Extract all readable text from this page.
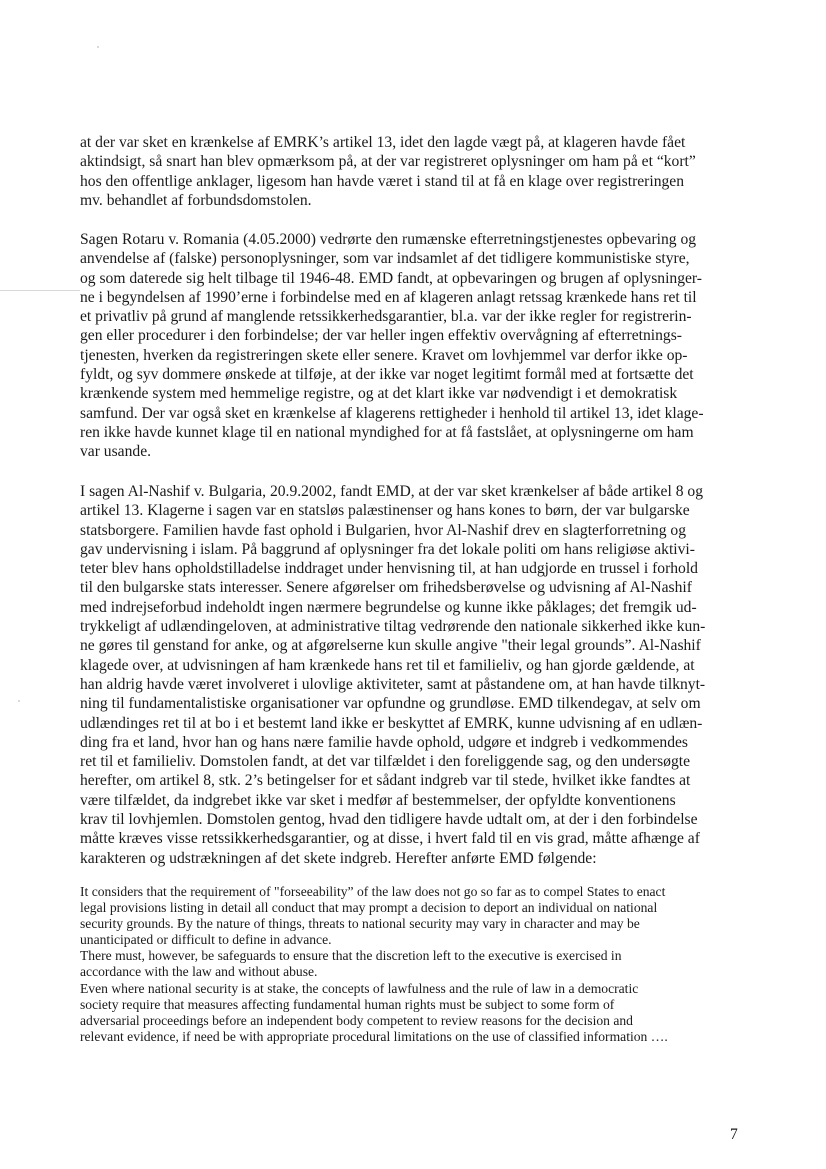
at der var sket en krænkelse af EMRK’s artikel 13, idet den lagde vægt på, at klageren havde fået
aktindsigt, så snart han blev opmærksom på, at der var registreret oplysninger om ham på et “kort”
hos den offentlige anklager, ligesom han havde været i stand til at få en klage over registreringen
mv. behandlet af forbundsdomstolen.

Sagen Rotaru v. Romania (4.05.2000) vedrørte den rumænske efterretningstjenestes opbevaring og
anvendelse af (falske) personoplysninger, som var indsamlet af det tidligere kommunistiske styre,
og som daterede sig helt tilbage til 1946-48. EMD fandt, at opbevaringen og brugen af oplysninger-
ne i begyndelsen af 1990’erne i forbindelse med en af klageren anlagt retssag krænkede hans ret til
et privatliv på grund af manglende retssikkerhedsgarantier, bl.a. var der ikke regler for registrerin-
gen eller procedurer i den forbindelse; der var heller ingen effektiv overvågning af efterretnings-
tjenesten, hverken da registreringen skete eller senere. Kravet om lovhjemmel var derfor ikke op-
fyldt, og syv dommere ønskede at tilføje, at der ikke var noget legitimt formål med at fortsætte det
krænkende system med hemmelige registre, og at det klart ikke var nødvendigt i et demokratisk
samfund. Der var også sket en krænkelse af klagerens rettigheder i henhold til artikel 13, idet klage-
ren ikke havde kunnet klage til en national myndighed for at få fastslået, at oplysningerne om ham
var usande.

I sagen Al-Nashif v. Bulgaria, 20.9.2002, fandt EMD, at der var sket krænkelser af både artikel 8 og
artikel 13. Klagerne i sagen var en statsløs palæstinenser og hans kones to børn, der var bulgarske
statsborgere. Familien havde fast ophold i Bulgarien, hvor Al-Nashif drev en slagterforretning og
gav undervisning i islam. På baggrund af oplysninger fra det lokale politi om hans religiøse aktivi-
teter blev hans opholdstilladelse inddraget under henvisning til, at han udgjorde en trussel i forhold
til den bulgarske stats interesser. Senere afgørelser om frihedsberøvelse og udvisning af Al-Nashif
med indrejseforbud indeholdt ingen nærmere begrundelse og kunne ikke påklages; det fremgik ud-
trykkeligt af udlændingeloven, at administrative tiltag vedrørende den nationale sikkerhed ikke kun-
ne gøres til genstand for anke, og at afgørelserne kun skulle angive "their legal grounds”. Al-Nashif
klagede over, at udvisningen af ham krænkede hans ret til et familieliv, og han gjorde gældende, at
han aldrig havde været involveret i ulovlige aktiviteter, samt at påstandene om, at han havde tilknyt-
ning til fundamentalistiske organisationer var opfundne og grundløse. EMD tilkendegav, at selv om
udlændinges ret til at bo i et bestemt land ikke er beskyttet af EMRK, kunne udvisning af en udlæn-
ding fra et land, hvor han og hans nære familie havde ophold, udgøre et indgreb i vedkommendes
ret til et familieliv. Domstolen fandt, at det var tilfældet i den foreliggende sag, og den undersøgte
herefter, om artikel 8, stk. 2’s betingelser for et sådant indgreb var til stede, hvilket ikke fandtes at
være tilfældet, da indgrebet ikke var sket i medfør af bestemmelser, der opfyldte konventionens
krav til lovhjemlen. Domstolen gentog, hvad den tidligere havde udtalt om, at der i den forbindelse
måtte kræves visse retssikkerhedsgarantier, og at disse, i hvert fald til en vis grad, måtte afhænge af
karakteren og udstrækningen af det skete indgreb. Herefter anførte EMD følgende:

It considers that the requirement of "forseeability” of the law does not go so far as to compel States to enact
legal provisions listing in detail all conduct that may prompt a decision to deport an individual on national
security grounds. By the nature of things, threats to national security may vary in character and may be
unanticipated or difficult to define in advance.
There must, however, be safeguards to ensure that the discretion left to the executive is exercised in
accordance with the law and without abuse.
Even where national security is at stake, the concepts of lawfulness and the rule of law in a democratic
society require that measures affecting fundamental human rights must be subject to some form of
adversarial proceedings before an independent body competent to review reasons for the decision and
relevant evidence, if need be with appropriate procedural limitations on the use of classified information ….
7
